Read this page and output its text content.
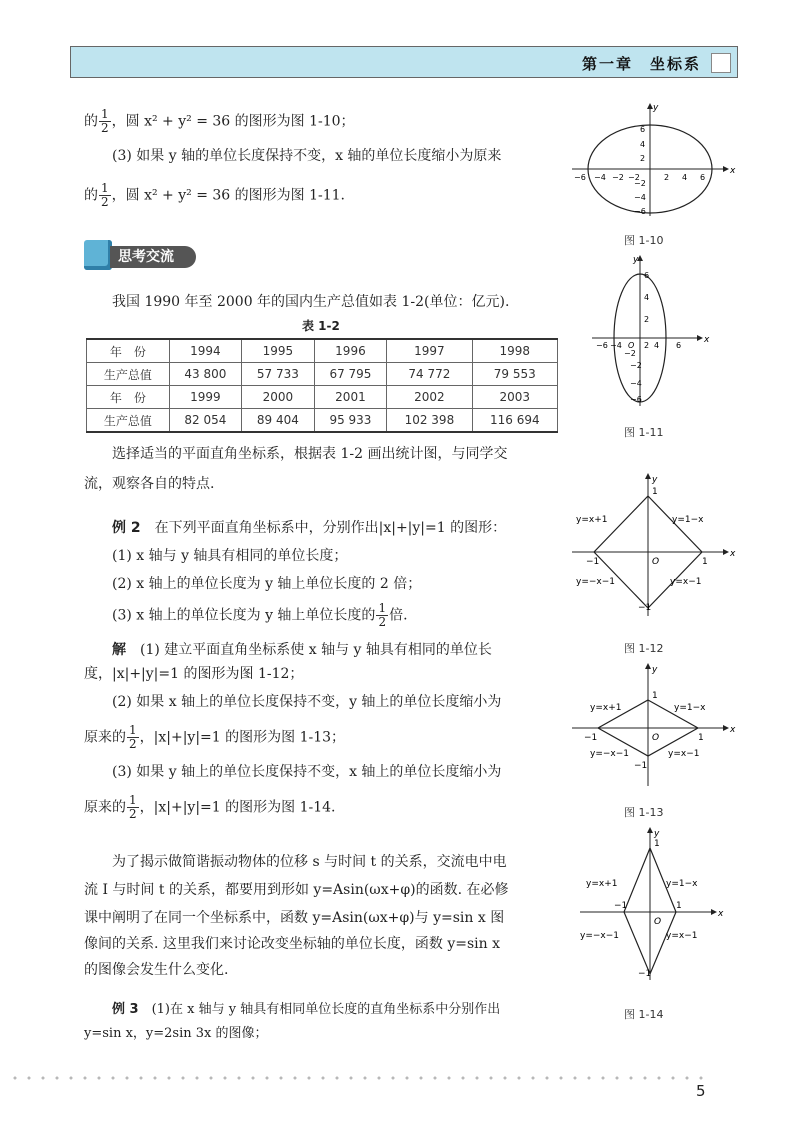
第一章　坐标系
的 $\frac{1}{2}$ ，圆 x² + y² = 36 的图形为图 1-10；
(3) 如果 y 轴的单位长度保持不变，x 轴的单位长度缩小为原来
的 $\frac{1}{2}$ ，圆 x² + y² = 36 的图形为图 1-11.
思考交流
我国 1990 年至 2000 年的国内生产总值如表 1-2(单位：亿元).
表 1-2
年　份	1994	1995	1996	1997	1998
生产总值	43 800	57 733	67 795	74 772	79 553
年　份	1999	2000	2001	2002	2003
生产总值	82 054	89 404	95 933	102 398	116 694
选择适当的平面直角坐标系，根据表 1-2 画出统计图，与同学交
流，观察各自的特点.
例 2　 在下列平面直角坐标系中，分别作出|x|+|y|=1 的图形：
(1) x 轴与 y 轴具有相同的单位长度；
(2) x 轴上的单位长度为 y 轴上单位长度的 2 倍；
(3) x 轴上的单位长度为 y 轴上单位长度的 $\frac{1}{2}$ 倍.
解　 (1) 建立平面直角坐标系使 x 轴与 y 轴具有相同的单位长
度，|x|+|y|=1 的图形为图 1-12；
(2) 如果 x 轴上的单位长度保持不变，y 轴上的单位长度缩小为
原来的 $\frac{1}{2}$ ，|x|+|y|=1 的图形为图 1-13；
(3) 如果 y 轴上的单位长度保持不变，x 轴上的单位长度缩小为
原来的 $\frac{1}{2}$ ，|x|+|y|=1 的图形为图 1-14.
为了揭示做简谐振动物体的位移 s 与时间 t 的关系，交流电中电
流 I 与时间 t 的关系，都要用到形如 y=Asin(ωx+φ)的函数. 在必修
课中阐明了在同一个坐标系中，函数 y=Asin(ωx+φ)与 y=sin x 图
像间的关系. 这里我们来讨论改变坐标轴的单位长度，函数 y=sin x
的图像会发生什么变化.
例 3　 (1)在 x 轴与 y 轴具有相同单位长度的直角坐标系中分别作出
y=sin x，y=2sin 3x 的图像；
x
y
−6 −4 −2 −2	2 4 6
6
4
2
−2
−4
−6
图 1-10
x
y
−6 −4 O
−2
2 4 6
6
4
2
−2
−4
−6
图 1-11
x
y
y=x+1	y=1−x
y=−x−1	y=x−1
1
−1	1
−1
O
图 1-12
x
y
y=x+1	y=1−x
y=−x−1	y=x−1
1
−1	1
−1
O
图 1-13
x
y
y=x+1	y=1−x
y=−x−1	y=x−1
1
−1	1
−1
O
图 1-14
5
